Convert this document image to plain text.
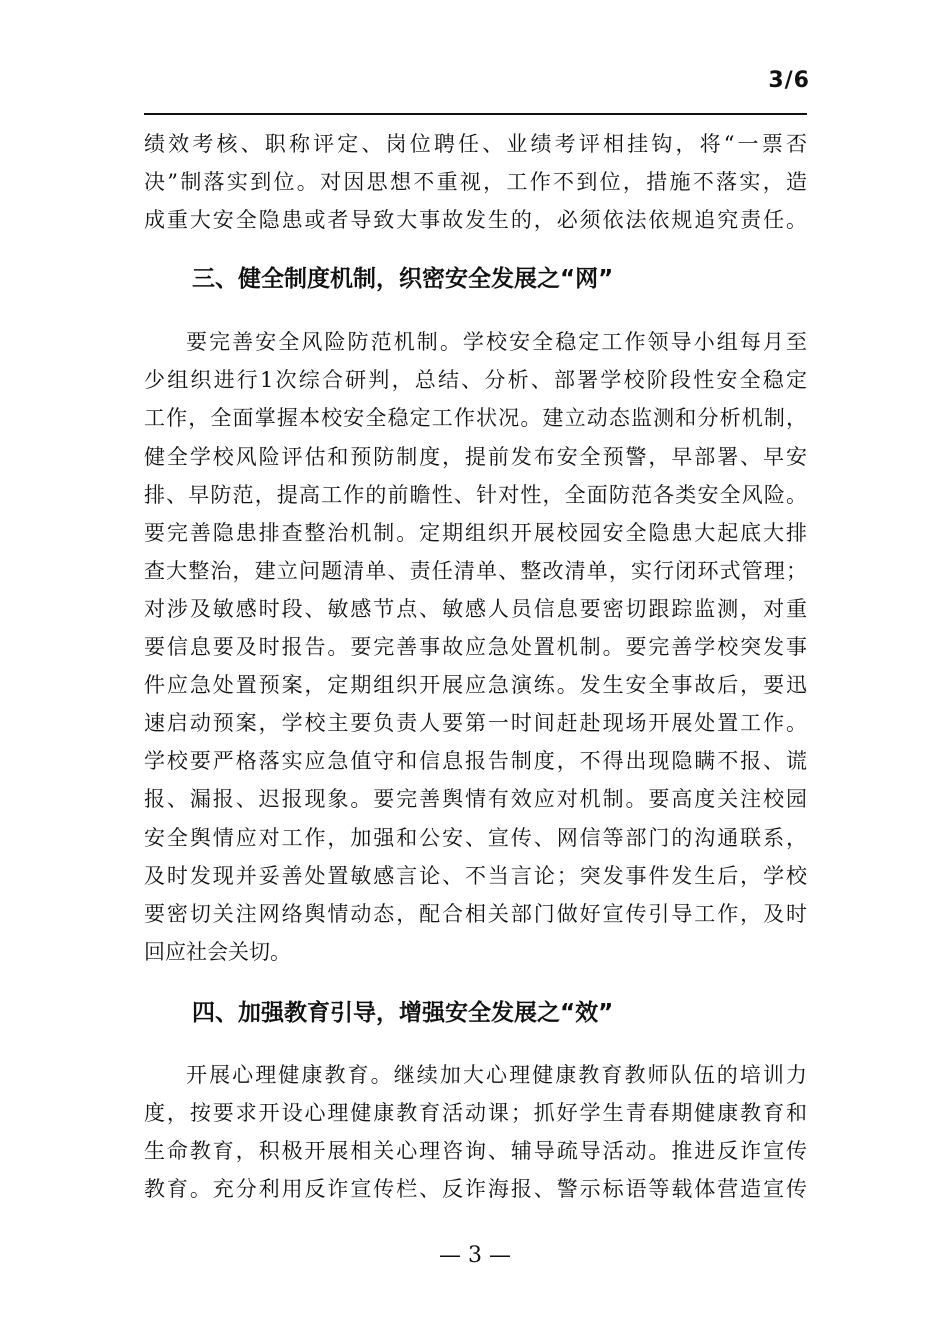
3/6
绩效考核、职称评定、岗位聘任、业绩考评相挂钩，将“一票否
决”制落实到位。对因思想不重视，工作不到位，措施不落实，造
成重大安全隐患或者导致大事故发生的，必须依法依规追究责任。
三、健全制度机制，织密安全发展之“网”
要完善安全风险防范机制。学校安全稳定工作领导小组每月至
少组织进行1次综合研判，总结、分析、部署学校阶段性安全稳定
工作，全面掌握本校安全稳定工作状况。建立动态监测和分析机制，
健全学校风险评估和预防制度，提前发布安全预警，早部署、早安
排、早防范，提高工作的前瞻性、针对性，全面防范各类安全风险。
要完善隐患排查整治机制。定期组织开展校园安全隐患大起底大排
查大整治，建立问题清单、责任清单、整改清单，实行闭环式管理；
对涉及敏感时段、敏感节点、敏感人员信息要密切跟踪监测，对重
要信息要及时报告。要完善事故应急处置机制。要完善学校突发事
件应急处置预案，定期组织开展应急演练。发生安全事故后，要迅
速启动预案，学校主要负责人要第一时间赶赴现场开展处置工作。
学校要严格落实应急值守和信息报告制度，不得出现隐瞒不报、谎
报、漏报、迟报现象。要完善舆情有效应对机制。要高度关注校园
安全舆情应对工作，加强和公安、宣传、网信等部门的沟通联系，
及时发现并妥善处置敏感言论、不当言论；突发事件发生后，学校
要密切关注网络舆情动态，配合相关部门做好宣传引导工作，及时
回应社会关切。
四、加强教育引导，增强安全发展之“效”
开展心理健康教育。继续加大心理健康教育教师队伍的培训力
度，按要求开设心理健康教育活动课；抓好学生青春期健康教育和
生命教育，积极开展相关心理咨询、辅导疏导活动。推进反诈宣传
教育。充分利用反诈宣传栏、反诈海报、警示标语等载体营造宣传
— 3 —
